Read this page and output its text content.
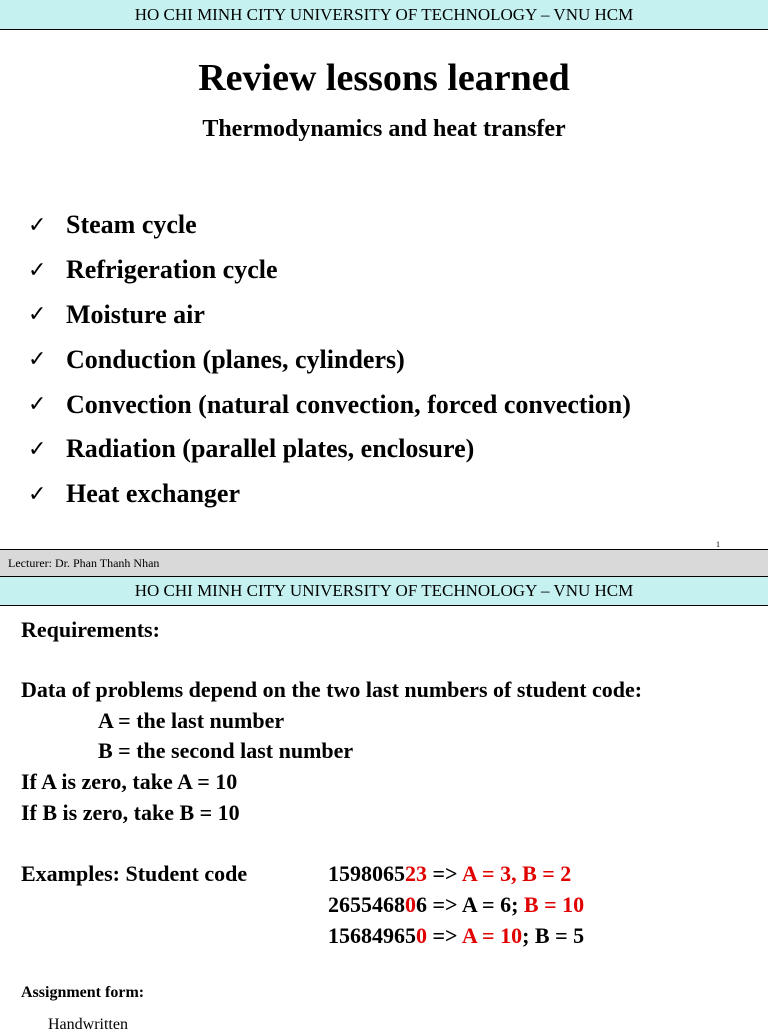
HO CHI MINH CITY UNIVERSITY OF TECHNOLOGY – VNU HCM
Review lessons learned
Thermodynamics and heat transfer
✓ Steam cycle
✓ Refrigeration cycle
✓ Moisture air
✓ Conduction (planes, cylinders)
✓ Convection (natural convection, forced convection)
✓ Radiation (parallel plates, enclosure)
✓ Heat exchanger
1
Lecturer: Dr. Phan Thanh Nhan
HO CHI MINH CITY UNIVERSITY OF TECHNOLOGY – VNU HCM
Requirements:
Data of problems depend on the two last numbers of student code:
A = the last number
B = the second last number
If A is zero, take A = 10
If B is zero, take B = 10
Examples: Student code	159806523 => A = 3, B = 2
265546806 => A = 6; B = 10
156849650 => A = 10; B = 5
Assignment form:
Handwritten
